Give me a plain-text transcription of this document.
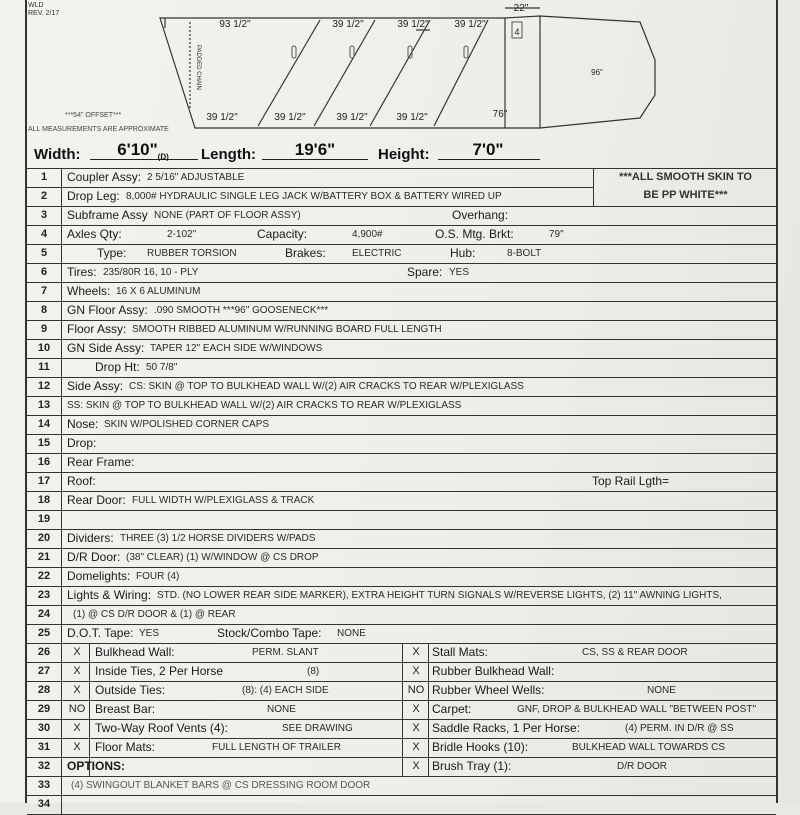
WLD
REV. 2/17
93 1/2"	39 1/2"	39 1/2"	39 1/2"
22"
39 1/2"	39 1/2"	39 1/2"	39 1/2"	76"
96"
4
PADDED CHAIN
***54" OFFSET***
ALL MEASUREMENTS ARE APPROXIMATE
Width:	$6'10"_{(D)}$	Length:	19'6"	Height:	7'0"
***ALL SMOOTH SKIN TO
BE PP WHITE***
1	Coupler Assy: 2 5/16" ADJUSTABLE
2	Drop Leg: 8,000# HYDRAULIC SINGLE LEG JACK W/BATTERY BOX & BATTERY WIRED UP
3	Subframe Assy NONE (PART OF FLOOR ASSY)	Overhang:
4	Axles Qty:	2-102"	Capacity:	4,900#	O.S. Mtg. Brkt:	79"
5	Type: RUBBER TORSION	Brakes:	ELECTRIC	Hub:	8-BOLT
6	Tires: 235/80R 16, 10 - PLY	Spare: YES
7	Wheels: 16 X 6 ALUMINUM
8	GN Floor Assy: .090 SMOOTH ***96" GOOSENECK***
9	Floor Assy: SMOOTH RIBBED ALUMINUM W/RUNNING BOARD FULL LENGTH
10	GN Side Assy: TAPER 12" EACH SIDE W/WINDOWS
11	Drop Ht: 50 7/8"
12	Side Assy: CS: SKIN @ TOP TO BULKHEAD WALL W/(2) AIR CRACKS TO REAR W/PLEXIGLASS
13	SS: SKIN @ TOP TO BULKHEAD WALL W/(2) AIR CRACKS TO REAR W/PLEXIGLASS
14	Nose: SKIN W/POLISHED CORNER CAPS
15	Drop:
16	Rear Frame:
17	Roof:	Top Rail Lgth=
18	Rear Door: FULL WIDTH W/PLEXIGLASS & TRACK
19
20	Dividers: THREE (3) 1/2 HORSE DIVIDERS W/PADS
21	D/R Door: (38" CLEAR) (1) W/WINDOW @ CS DROP
22	Domelights: FOUR (4)
23	Lights & Wiring: STD. (NO LOWER REAR SIDE MARKER), EXTRA HEIGHT TURN SIGNALS W/REVERSE LIGHTS, (2) 11" AWNING LIGHTS,
24	(1) @ CS D/R DOOR & (1) @ REAR
25	D.O.T. Tape: YES	Stock/Combo Tape: NONE
26	X	Bulkhead Wall:	PERM. SLANT	X	Stall Mats:	CS, SS & REAR DOOR
27	X	Inside Ties, 2 Per Horse	(8)	X	Rubber Bulkhead Wall:
28	X	Outside Ties:	(8): (4) EACH SIDE	NO Rubber Wheel Wells:	NONE
29	NO Breast Bar:	NONE	X	Carpet:	GNF, DROP & BULKHEAD WALL "BETWEEN POST"
30	X	Two-Way Roof Vents (4):	SEE DRAWING	X	Saddle Racks, 1 Per Horse:	(4) PERM. IN D/R @ SS
31	X	Floor Mats:	FULL LENGTH OF TRAILER	X	Bridle Hooks (10):	BULKHEAD WALL TOWARDS CS
32	OPTIONS:	X	Brush Tray (1):	D/R DOOR
33	(4) SWINGOUT BLANKET BARS @ CS DRESSING ROOM DOOR
34
